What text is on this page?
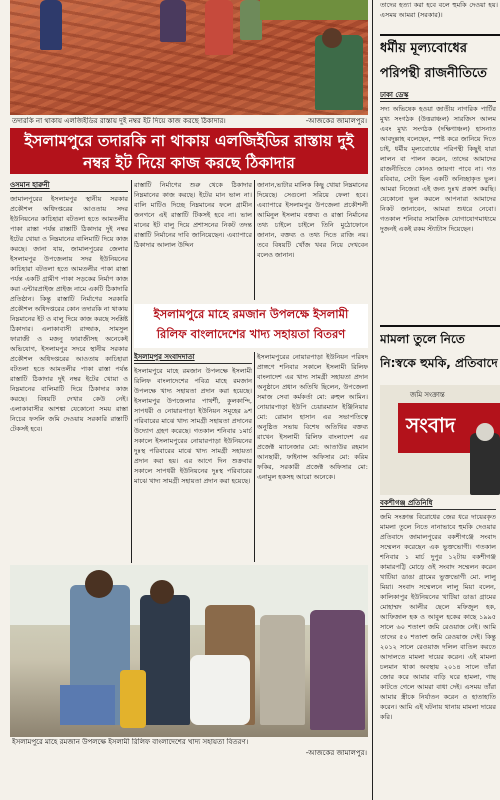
তদারকি না থাকায় এলজিইডির রাস্তায় দুই নম্বর ইট দিয়ে কাজ করছে ঠিকাদার।	-আজকের জামালপুর।
ইসলামপুরে তদারকি না থাকায় এলজিইডির রাস্তায় দুই
নম্বর ইট দিয়ে কাজ করছে ঠিকাদার
ওসমান হারুনী
জামালপুরের ইসলামপুর স্থানীয় সরকার প্রকৌশল অধিদপ্তরের আওতায় সদর ইউনিয়নের কাচিহারা বটতলা হতে আমতলীর পাকা রাস্তা পর্যন্ত রাস্তাটি ঠিকাদার দুই নম্বর ইটের খোয়া ও নিম্নমানের বালিমাটি দিয়ে কাজ করছে। জানা যায়, জামালপুরের জেলার ইসলামপুর উপজেলায় সদর ইউনিয়নের কাচিহারা বটতলা হতে আমতলীর পাকা রাস্তা পর্যন্ত একটি গ্রামীণ পাকা সড়কের নির্মাণ কাজ করা এন্টারপ্রাইজ প্রাইজ নামে একটি ঠিকাদারি প্রতিষ্ঠান। কিন্তু রাস্তাটি নির্মাণের সরকারি প্রকৌশল অধিদপ্তরের কোন তদারকি না থাকায় নিম্নমানের ইট ও বালু দিয়ে কাজ করছে সংশ্লিষ্ট ঠিকাদার। এলাকাবাসী রাজ্জাক, সামসুল ফারাজী ও মজনু ফারাজীসহ অনেকেই অভিযোগ, ইসলামপুর সদরে স্থানীয় সরকার প্রকৌশল অধিদপ্তরের আওতায় কাচিহারা বটতলা হতে আমতলীর পাকা রাস্তা পর্যন্ত রাস্তাটি ঠিকাদার দুই নম্বর ইটের খোয়া ও নিম্নমানের বালিমাটি দিয়ে ঠিকাদার কাজ করছে। বিষয়টি দেখার কেউ নেই। এলাকাবাসীর আশঙ্কা যেকোনো সময় রাস্তা নিচের ফসলি জমি দেওয়ায় সরকারি রাস্তাটি টেকসই হবে।
রাস্তাটি নির্মাণের শুরু থেকে ঠিকাদার নিম্নমানের কাজ করছে। ইটের মান ভাল না। বালি মাটিও দিচ্ছে নিম্নমানের ফলে গ্রামীন জনগনে এই রাস্তাটি টিকসই হবে না। ভাল মানের ইট বালু দিয়ে প্রশাসনের নিকট তদন্ত রাস্তাটি নির্মানের দাবি জানিয়েছেন। এব্যাপারে ঠিকাদার আলাল উদ্দিন
জানান,ভাটার মালিক কিছু খোয়া নিম্নমানের দিয়েছে। সেগুলো সরিয়ে ফেলা হবে। এব্যাপারে ইসলামপুর উপজেলা প্রকৌশলী আমিনুল ইসলাম বক্তব্য ও রাস্তা নির্মানের তথ্য চাইলে চাইলে তিনি মুঠোফোনে জানান, বক্তব্য ও তথ্য দিতে রাজি নয়। তবে বিষয়টি খোঁজ খবর নিয়ে দেখবেন বলেও জানান।
ইসলামপুরে মাহে রমজান উপলক্ষে ইসলামী
রিলিফ বাংলাদেশের খাদ্য সহায়তা বিতরণ
ইসলামপুর সংবাদদাতা
ইসলামপুরে মাহে রমজান উপলক্ষে ইসলামী রিলিফ বাংলাদেশের পবিত্র মাহে রমজান উপলক্ষে খাদ্য সহায়তা প্রদান করা হয়েছে। ইসলামপুর উপজেলার পাথর্শী, কুলকান্দি, সাপধরী ও নোয়ারপাড়া ইউনিয়ন সমূহের ৯শ পরিবারের মাঝে খাদ্য সামগ্রী সহায়তা প্রদানের উদ্যোগ গ্রহণ করেছে। গতকাল শনিবার ১মার্চ সকালে ইসলামপুরের নোয়ারপাড়া ইউনিয়নের দুঃস্থ পরিবারের মাঝে খাদ্য সামগ্রী সহায়তা প্রদান করা হয়। এর আগে দিন শুক্রবার সকালে সাপধরী ইউনিয়নের দুঃস্থ পরিবারের মাঝে খাদ্য সামগ্রী সহায়তা প্রদান করা হয়েছে।
ইসলামপুরের নোয়ারপাড়া ইউনিয়ন পরিষদ প্রাঙ্গণে শনিবার সকালে ইসলামী রিলিফ বাংলাদেশ এর খাদ্য সামগ্রী সহায়তা প্রদান অনুষ্ঠানে প্রধান অতিথি ছিলেন, উপজেলা সমাজ সেবা কর্মকর্তা মো: রুহুল আমিন। নোয়ারপাড়া ইউপি চেয়ারম্যান ইঞ্জিনিয়ার মো: রোমান হাসান এর সভাপতিত্বে অনুষ্ঠিত সভায় বিশেষ অতিথির বক্তব্য রাখেন ইসলামী রিলিফ বাংলাদেশ এর প্রজেক্ট ম্যানেজার মো: আতাউর রহমান আনছারী, ফাইনান্স অফিসার মো: করিম ফকির, সরকারী প্রজেক্ট অফিসার মো: এনামুল হকসহ আরো অনেকে।
ইসলামপুরে মাহে রমজান উপলক্ষে ইসলামী রিলিফ বাংলাদেশের খাদ্য সহায়তা বিতরণ।
-আজকের জামালপুর।
তাদের হত্যা করা হবে বলে হুমকি দেওয়া হয়। এসময় আমরা (সরকার)।
ধর্মীয় মূল্যবোধের পরিপন্থী রাজনীতিতে
ঢাকা ডেস্ক
সদ্য অভিষেক হওয়া জাতীয় নাগরিক পার্টির মুখ্য সংগঠক (উত্তরাঞ্চল) সারজিস আলম এবং মুখ্য সংগঠক (দক্ষিণাঞ্চল) হাসনাত আবদুল্লাহ বলেছেন, স্পষ্ট করে জানিয়ে দিতে চাই, ধর্মীয় মূল্যবোধের পরিপন্থী কিছুই যারা লালন বা পালন করেন, তাদের আমাদের রাজনীতিতে কোনও জায়গা পাবে না। গত রবিবার, সেটা ছিল একটি অনিচ্ছাকৃত ভুল। আমরা নিজেরা এই জন্য দুঃখ প্রকাশ করছি। যেকোনো ভুল করলে আপনারা আমাদের নিকট জানাবেন, আমরা শুধরে নেবো। গতকাল শনিবার সামাজিক যোগাযোগমাধ্যমে দুজনই একই রকম স্ট্যাটাস দিয়েছেন।
মামলা তুলে নিতে নি:স্বকে হুমকি, প্রতিবাদে
জমি সংক্রান্ত
সংবাদ
বকশীগঞ্জ প্রতিনিধি
জমি সংক্রান্ত বিরোধের জের ধরে দায়েরকৃত মামলা তুলে নিতে নানাভাবে হুমকি দেওয়ার প্রতিবাদে জামালপুরের বকশীগঞ্জে সংবাদ সম্মেলন করেছেন এক ভুক্তভোগী। গতকাল শনিবার ১ মার্চ দুপুর ১২টায় বকশীগঞ্জ কামারপট্টি মোড়ে ওই সংবাদ সম্মেলন করেন খাটিয়া ডাঙা গ্রামের ভুক্তভোগী মো. লালু মিয়া। সংবাদ সম্মেলনে লালু মিয়া বলেন, কালিকাপুর ইউনিয়নের খাটিয়া ডাঙা গ্রামের মোহাম্মদ আলীর ছেলে মফিজুল হক, আফিজাল হক ও আবুল হকের কাছে ১৯৯৫ সালে ৬০ শতাংশ জমি রেওয়াজ নেই। আমি তাদের ৫০ শতাংশ জমি রেওয়াজ দেই। কিন্তু ২০১২ সালে রেওয়াজ দলিল বাতিল করতে আদালতে মামলা দায়ের করেন। এই মামলা চলমান থাকা অবস্থায় ২০১৪ সালে তাঁরা জোর করে আমার বাড়ি ঘরে হামলা, গাছ কাটতে গেলে আমরা বাধা দেই। এসময় তাঁরা আমার স্ত্রীকে নির্যাতন করেন ও হাতাহাতি করেন। আমি এই ঘটনায় থানায় মামলা দায়ের করি।
